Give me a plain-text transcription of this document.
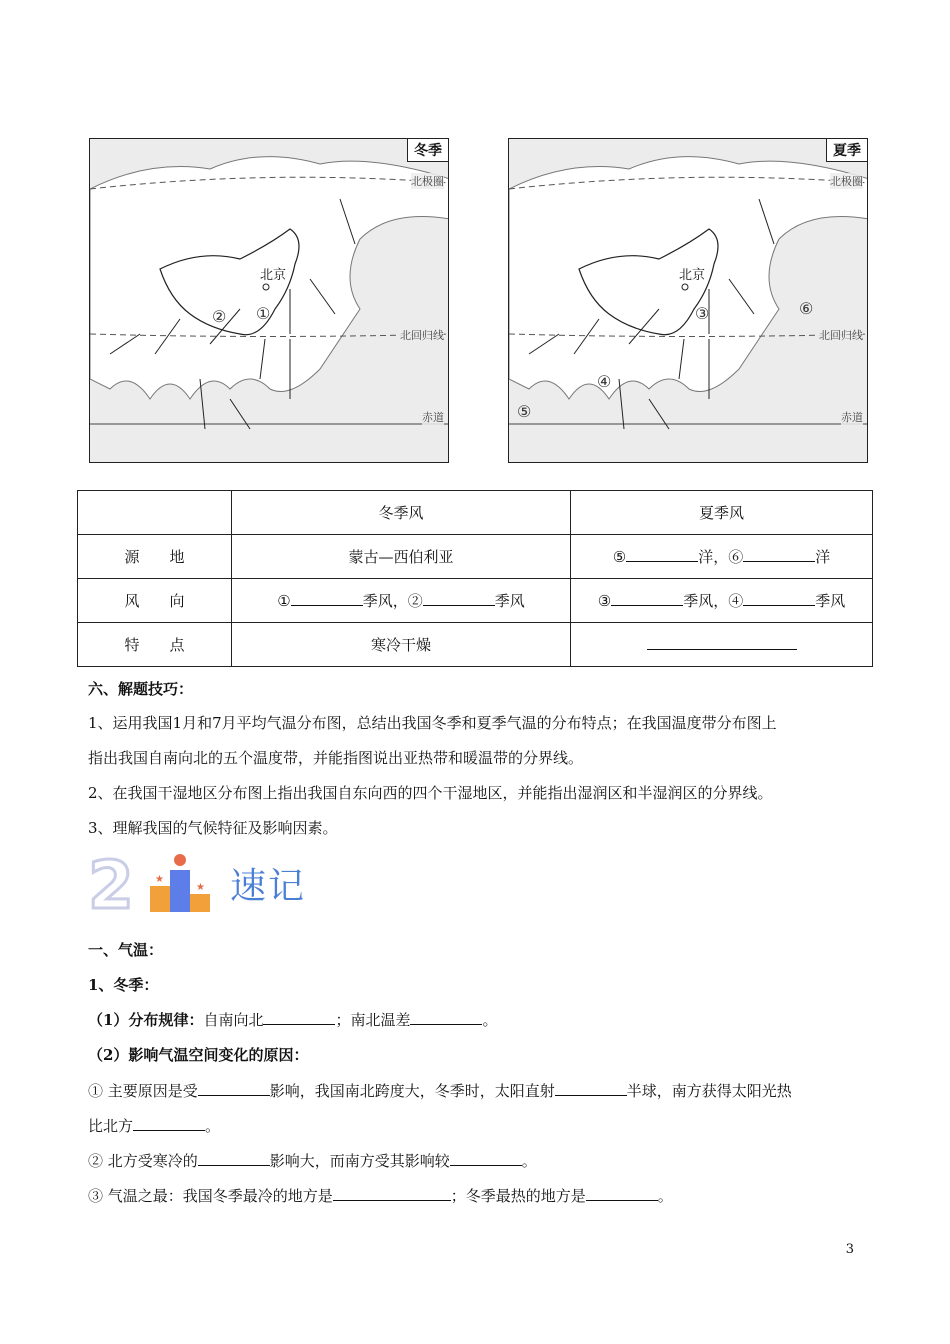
冬季
北极圈
北回归线
赤道
北京
①
②
夏季
北极圈
北回归线
赤道
北京
③
④
⑤
⑥
	冬季风	夏季风
源　　地	蒙古—西伯利亚	⑤ 洋，⑥ 洋
风　　向	① 季风，② 季风	③ 季风，④ 季风
特　　点	寒冷干燥	
六、解题技巧：
1、运用我国1月和7月平均气温分布图，总结出我国冬季和夏季气温的分布特点；在我国温度带分布图上
指出我国自南向北的五个温度带，并能指图说出亚热带和暖温带的分界线。
2、在我国干湿地区分布图上指出我国自东向西的四个干湿地区，并能指出湿润区和半湿润区的分界线。
3、理解我国的气候特征及影响因素。
2 ★
★ 速记
一、气温：
1、冬季：
（1）分布规律：自南向北	；南北温差	。
（2）影响气温空间变化的原因：
① 主要原因是受	影响，我国南北跨度大，冬季时，太阳直射	半球，南方获得太阳光热
比北方	。
② 北方受寒冷的	影响大，而南方受其影响较	。
③ 气温之最：我国冬季最冷的地方是	；冬季最热的地方是	。
3
